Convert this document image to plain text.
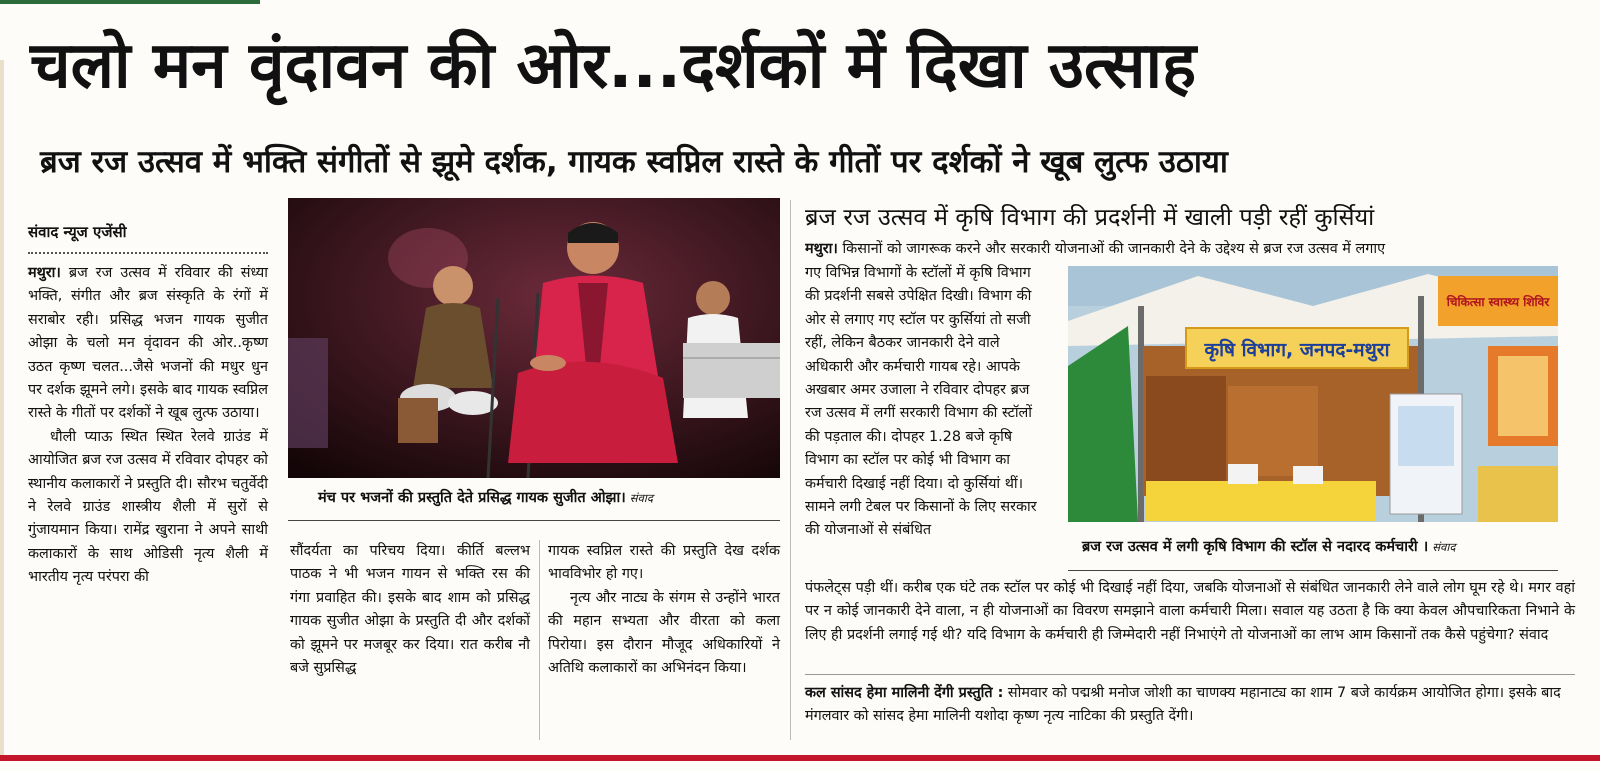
चलो मन वृंदावन की ओर...दर्शकों में दिखा उत्साह
ब्रज रज उत्सव में भक्ति संगीतों से झूमे दर्शक, गायक स्वप्निल रास्ते के गीतों पर दर्शकों ने खूब लुत्फ उठाया
संवाद न्यूज एजेंसी

मथुरा। ब्रज रज उत्सव में रविवार की संध्या भक्ति, संगीत और ब्रज संस्कृति के रंगों में सराबोर रही। प्रसिद्ध भजन गायक सुजीत ओझा के चलो मन वृंदावन की ओर..कृष्ण उठत कृष्ण चलत...जैसे भजनों की मधुर धुन पर दर्शक झूमने लगे। इसके बाद गायक स्वप्निल रास्ते के गीतों पर दर्शकों ने खूब लुत्फ उठाया।

धौली प्याऊ स्थित स्थित रेलवे ग्राउंड में आयोजित ब्रज रज उत्सव में रविवार दोपहर को स्थानीय कलाकारों ने प्रस्तुति दी। सौरभ चतुर्वेदी ने रेलवे ग्राउंड शास्त्रीय शैली में सुरों से गुंजायमान किया। रामेंद्र खुराना ने अपने साथी कलाकारों के साथ ओडिसी नृत्य शैली में भारतीय नृत्य परंपरा की

मंच पर भजनों की प्रस्तुति देते प्रसिद्ध गायक सुजीत ओझा। संवाद

सौंदर्यता का परिचय दिया। कीर्ति बल्लभ पाठक ने भी भजन गायन से भक्ति रस की गंगा प्रवाहित की। इसके बाद शाम को प्रसिद्ध गायक सुजीत ओझा के प्रस्तुति दी और दर्शकों को झूमने पर मजबूर कर दिया। रात करीब नौ बजे सुप्रसिद्ध

गायक स्वप्निल रास्ते की प्रस्तुति देख दर्शक भावविभोर हो गए।

नृत्य और नाट्य के संगम से उन्होंने भारत की महान सभ्यता और वीरता को कला पिरोया। इस दौरान मौजूद अधिकारियों ने अतिथि कलाकारों का अभिनंदन किया।

ब्रज रज उत्सव में कृषि विभाग की प्रदर्शनी में खाली पड़ी रहीं कुर्सियां

मथुरा। किसानों को जागरूक करने और सरकारी योजनाओं की जानकारी देने के उद्देश्य से ब्रज रज उत्सव में लगाए

गए विभिन्न विभागों के स्टॉलों में कृषि विभाग की प्रदर्शनी सबसे उपेक्षित दिखी। विभाग की ओर से लगाए गए स्टॉल पर कुर्सियां तो सजी रहीं, लेकिन बैठकर जानकारी देने वाले अधिकारी और कर्मचारी गायब रहे। आपके अखबार अमर उजाला ने रविवार दोपहर ब्रज रज उत्सव में लगीं सरकारी विभाग की स्टॉलों की पड़ताल की। दोपहर 1.28 बजे कृषि विभाग का स्टॉल पर कोई भी विभाग का कर्मचारी दिखाई नहीं दिया। दो कुर्सियां थीं। सामने लगी टेबल पर किसानों के लिए सरकार की योजनाओं से संबंधित

कृषि विभाग, जनपद-मथुरा
चिकित्सा स्वास्थ्य शिविर
ब्रज रज उत्सव में लगी कृषि विभाग की स्टॉल से नदारद कर्मचारी । संवाद

पंफलेट्स पड़ी थीं। करीब एक घंटे तक स्टॉल पर कोई भी दिखाई नहीं दिया, जबकि योजनाओं से संबंधित जानकारी लेने वाले लोग घूम रहे थे। मगर वहां पर न कोई जानकारी देने वाला, न ही योजनाओं का विवरण समझाने वाला कर्मचारी मिला। सवाल यह उठता है कि क्या केवल औपचारिकता निभाने के लिए ही प्रदर्शनी लगाई गई थी? यदि विभाग के कर्मचारी ही जिम्मेदारी नहीं निभाएंगे तो योजनाओं का लाभ आम किसानों तक कैसे पहुंचेगा? संवाद

कल सांसद हेमा मालिनी देंगी प्रस्तुति : सोमवार को पद्मश्री मनोज जोशी का चाणक्य महानाट्य का शाम 7 बजे कार्यक्रम आयोजित होगा। इसके बाद मंगलवार को सांसद हेमा मालिनी यशोदा कृष्ण नृत्य नाटिका की प्रस्तुति देंगी।
